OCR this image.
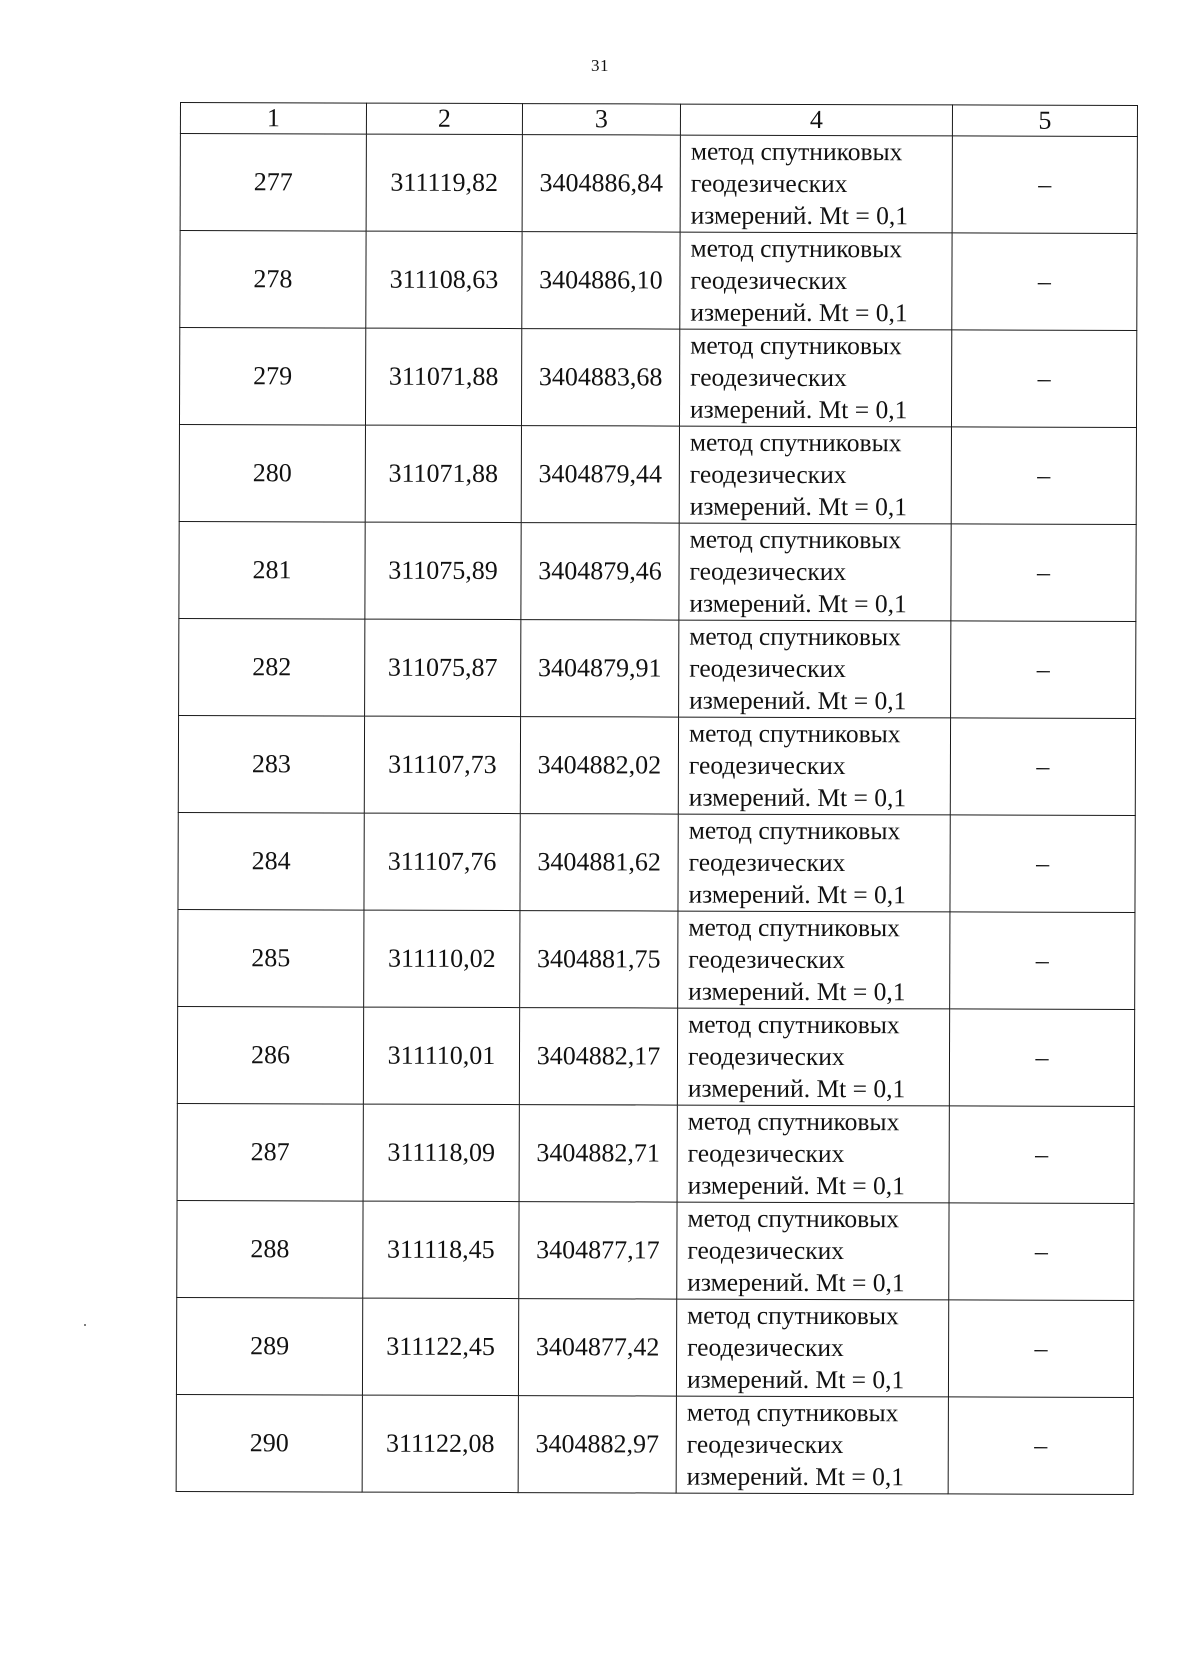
31
1	2	3	4	5
277	311119,82	3404886,84	метод спутниковых
геодезических
измерений. Mt = 0,1	–
278	311108,63	3404886,10	метод спутниковых
геодезических
измерений. Mt = 0,1	–
279	311071,88	3404883,68	метод спутниковых
геодезических
измерений. Mt = 0,1	–
280	311071,88	3404879,44	метод спутниковых
геодезических
измерений. Mt = 0,1	–
281	311075,89	3404879,46	метод спутниковых
геодезических
измерений. Mt = 0,1	–
282	311075,87	3404879,91	метод спутниковых
геодезических
измерений. Mt = 0,1	–
283	311107,73	3404882,02	метод спутниковых
геодезических
измерений. Mt = 0,1	–
284	311107,76	3404881,62	метод спутниковых
геодезических
измерений. Mt = 0,1	–
285	311110,02	3404881,75	метод спутниковых
геодезических
измерений. Mt = 0,1	–
286	311110,01	3404882,17	метод спутниковых
геодезических
измерений. Mt = 0,1	–
287	311118,09	3404882,71	метод спутниковых
геодезических
измерений. Mt = 0,1	–
288	311118,45	3404877,17	метод спутниковых
геодезических
измерений. Mt = 0,1	–
289	311122,45	3404877,42	метод спутниковых
геодезических
измерений. Mt = 0,1	–
290	311122,08	3404882,97	метод спутниковых
геодезических
измерений. Mt = 0,1	–
